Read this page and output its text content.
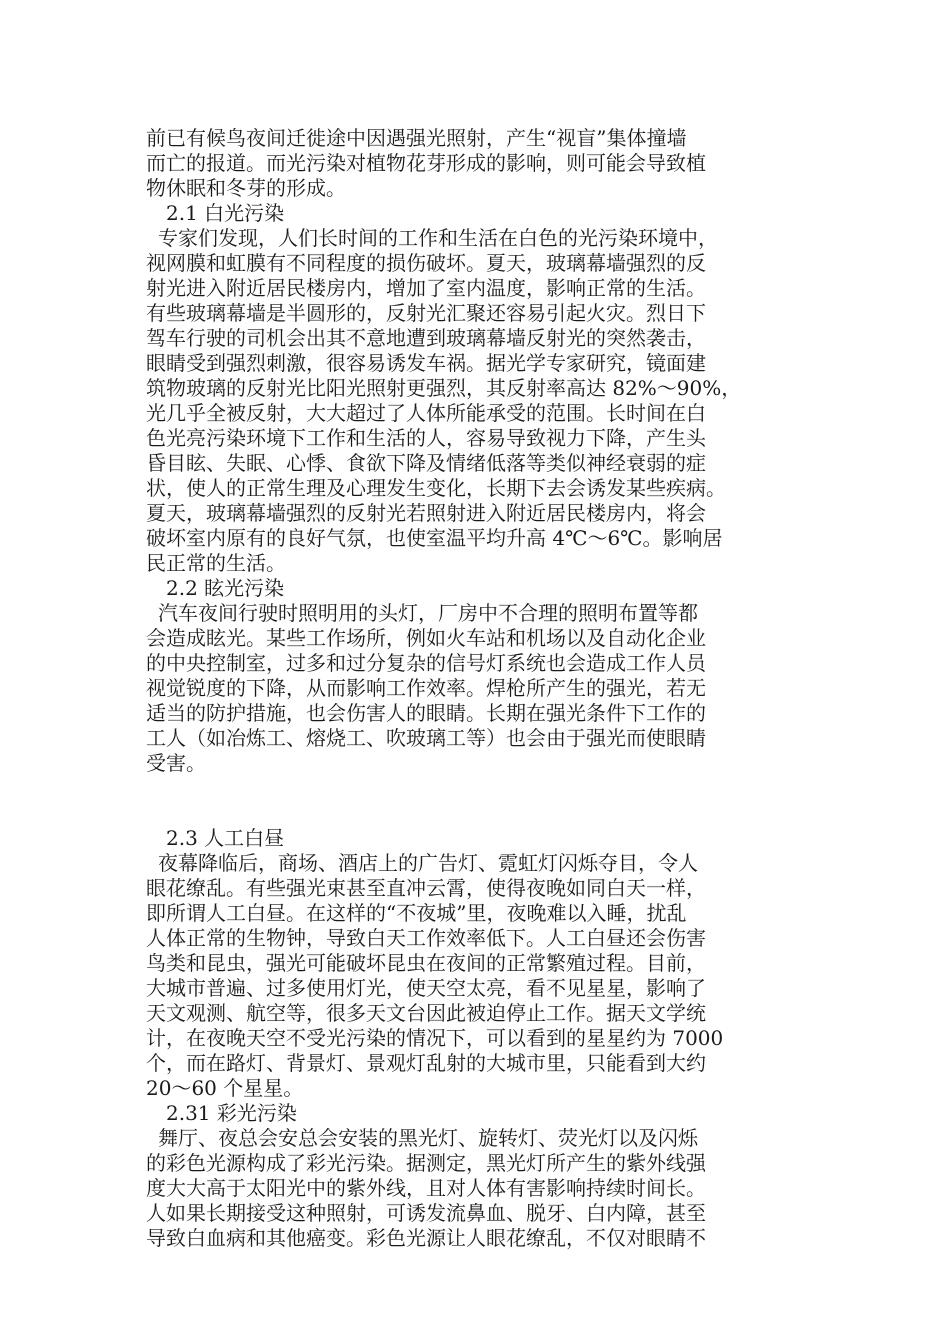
前已有候鸟夜间迁徙途中因遇强光照射，产生“视盲”集体撞墙
而亡的报道。而光污染对植物花芽形成的影响，则可能会导致植
物休眠和冬芽的形成。
2.1 白光污染
专家们发现，人们长时间的工作和生活在白色的光污染环境中，
视网膜和虹膜有不同程度的损伤破坏。夏天，玻璃幕墙强烈的反
射光进入附近居民楼房内，增加了室内温度，影响正常的生活。
有些玻璃幕墙是半圆形的，反射光汇聚还容易引起火灾。烈日下
驾车行驶的司机会出其不意地遭到玻璃幕墙反射光的突然袭击，
眼睛受到强烈刺激，很容易诱发车祸。据光学专家研究，镜面建
筑物玻璃的反射光比阳光照射更强烈，其反射率高达 82%～90%，
光几乎全被反射，大大超过了人体所能承受的范围。长时间在白
色光亮污染环境下工作和生活的人，容易导致视力下降，产生头
昏目眩、失眠、心悸、食欲下降及情绪低落等类似神经衰弱的症
状，使人的正常生理及心理发生变化，长期下去会诱发某些疾病。
夏天，玻璃幕墙强烈的反射光若照射进入附近居民楼房内，将会
破坏室内原有的良好气氛，也使室温平均升高 4℃～6℃。影响居
民正常的生活。
2.2 眩光污染
汽车夜间行驶时照明用的头灯，厂房中不合理的照明布置等都
会造成眩光。某些工作场所，例如火车站和机场以及自动化企业
的中央控制室，过多和过分复杂的信号灯系统也会造成工作人员
视觉锐度的下降，从而影响工作效率。焊枪所产生的强光，若无
适当的防护措施，也会伤害人的眼睛。长期在强光条件下工作的
工人（如冶炼工、熔烧工、吹玻璃工等）也会由于强光而使眼睛
受害。
2.3 人工白昼
夜幕降临后，商场、酒店上的广告灯、霓虹灯闪烁夺目，令人
眼花缭乱。有些强光束甚至直冲云霄，使得夜晚如同白天一样，
即所谓人工白昼。在这样的“不夜城”里，夜晚难以入睡，扰乱
人体正常的生物钟，导致白天工作效率低下。人工白昼还会伤害
鸟类和昆虫，强光可能破坏昆虫在夜间的正常繁殖过程。目前，
大城市普遍、过多使用灯光，使天空太亮，看不见星星，影响了
天文观测、航空等，很多天文台因此被迫停止工作。据天文学统
计，在夜晚天空不受光污染的情况下，可以看到的星星约为 7000
个，而在路灯、背景灯、景观灯乱射的大城市里，只能看到大约
20～60 个星星。
2.31 彩光污染
舞厅、夜总会安总会安装的黑光灯、旋转灯、荧光灯以及闪烁
的彩色光源构成了彩光污染。据测定，黑光灯所产生的紫外线强
度大大高于太阳光中的紫外线，且对人体有害影响持续时间长。
人如果长期接受这种照射，可诱发流鼻血、脱牙、白内障，甚至
导致白血病和其他癌变。彩色光源让人眼花缭乱，不仅对眼睛不
